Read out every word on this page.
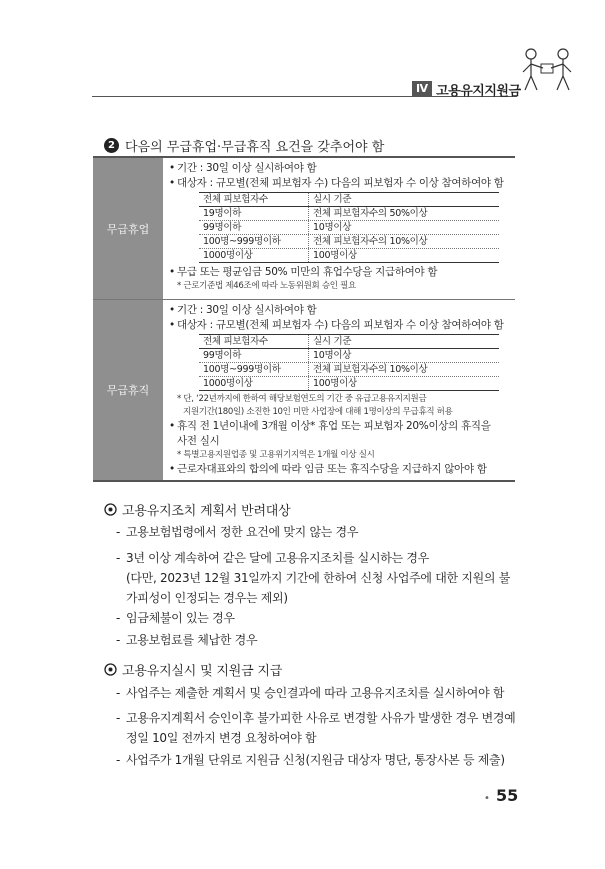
Ⅳ 고용유지지원금
2 다음의 무급휴업·무급휴직 요건을 갖추어야 함
무급휴업
• 기간 : 30일 이상 실시하여야 함
• 대상자 : 규모별(전체 피보험자 수) 다음의 피보험자 수 이상 참여하여야 함
전체 피보험자수	실시 기준
19명이하	전체 피보험자수의 50%이상
99명이하	10명이상
100명~999명이하	전체 피보험자수의 10%이상
1000명이상	100명이상
• 무급 또는 평균임금 50% 미만의 휴업수당을 지급하여야 함
* 근로기준법 제46조에 따라 노동위원회 승인 필요
무급휴직
• 기간 : 30일 이상 실시하여야 함
• 대상자 : 규모별(전체 피보험자 수) 다음의 피보험자 수 이상 참여하여야 함
전체 피보험자수	실시 기준
99명이하	10명이상
100명~999명이하	전체 피보험자수의 10%이상
1000명이상	100명이상
* 단, ‘22년까지에 한하여 해당보험연도의 기간 중 유급고용유지지원금
지원기간(180일) 소진한 10인 미만 사업장에 대해 1명이상의 무급휴직 허용
• 휴직 전 1년이내에 3개월 이상* 휴업 또는 피보험자 20%이상의 휴직을
사전 실시
* 특별고용지원업종 및 고용위기지역은 1개월 이상 실시
• 근로자대표와의 합의에 따라 임금 또는 휴직수당을 지급하지 않아야 함
고용유지조치 계획서 반려대상
- 고용보험법령에서 정한 요건에 맞지 않는 경우
- 3년 이상 계속하여 같은 달에 고용유지조치를 실시하는 경우
(다만, 2023년 12월 31일까지 기간에 한하여 신청 사업주에 대한 지원의 불가피성이 인정되는 경우는 제외)
- 임금체불이 있는 경우
- 고용보험료를 체납한 경우
고용유지실시 및 지원금 지급
- 사업주는 제출한 계획서 및 승인결과에 따라 고용유지조치를 실시하여야 함
- 고용유지계획서 승인이후 불가피한 사유로 변경할 사유가 발생한 경우 변경예정일 10일 전까지 변경 요청하여야 함
- 사업주가 1개월 단위로 지원금 신청(지원금 대상자 명단, 통장사본 등 제출)
• 55
